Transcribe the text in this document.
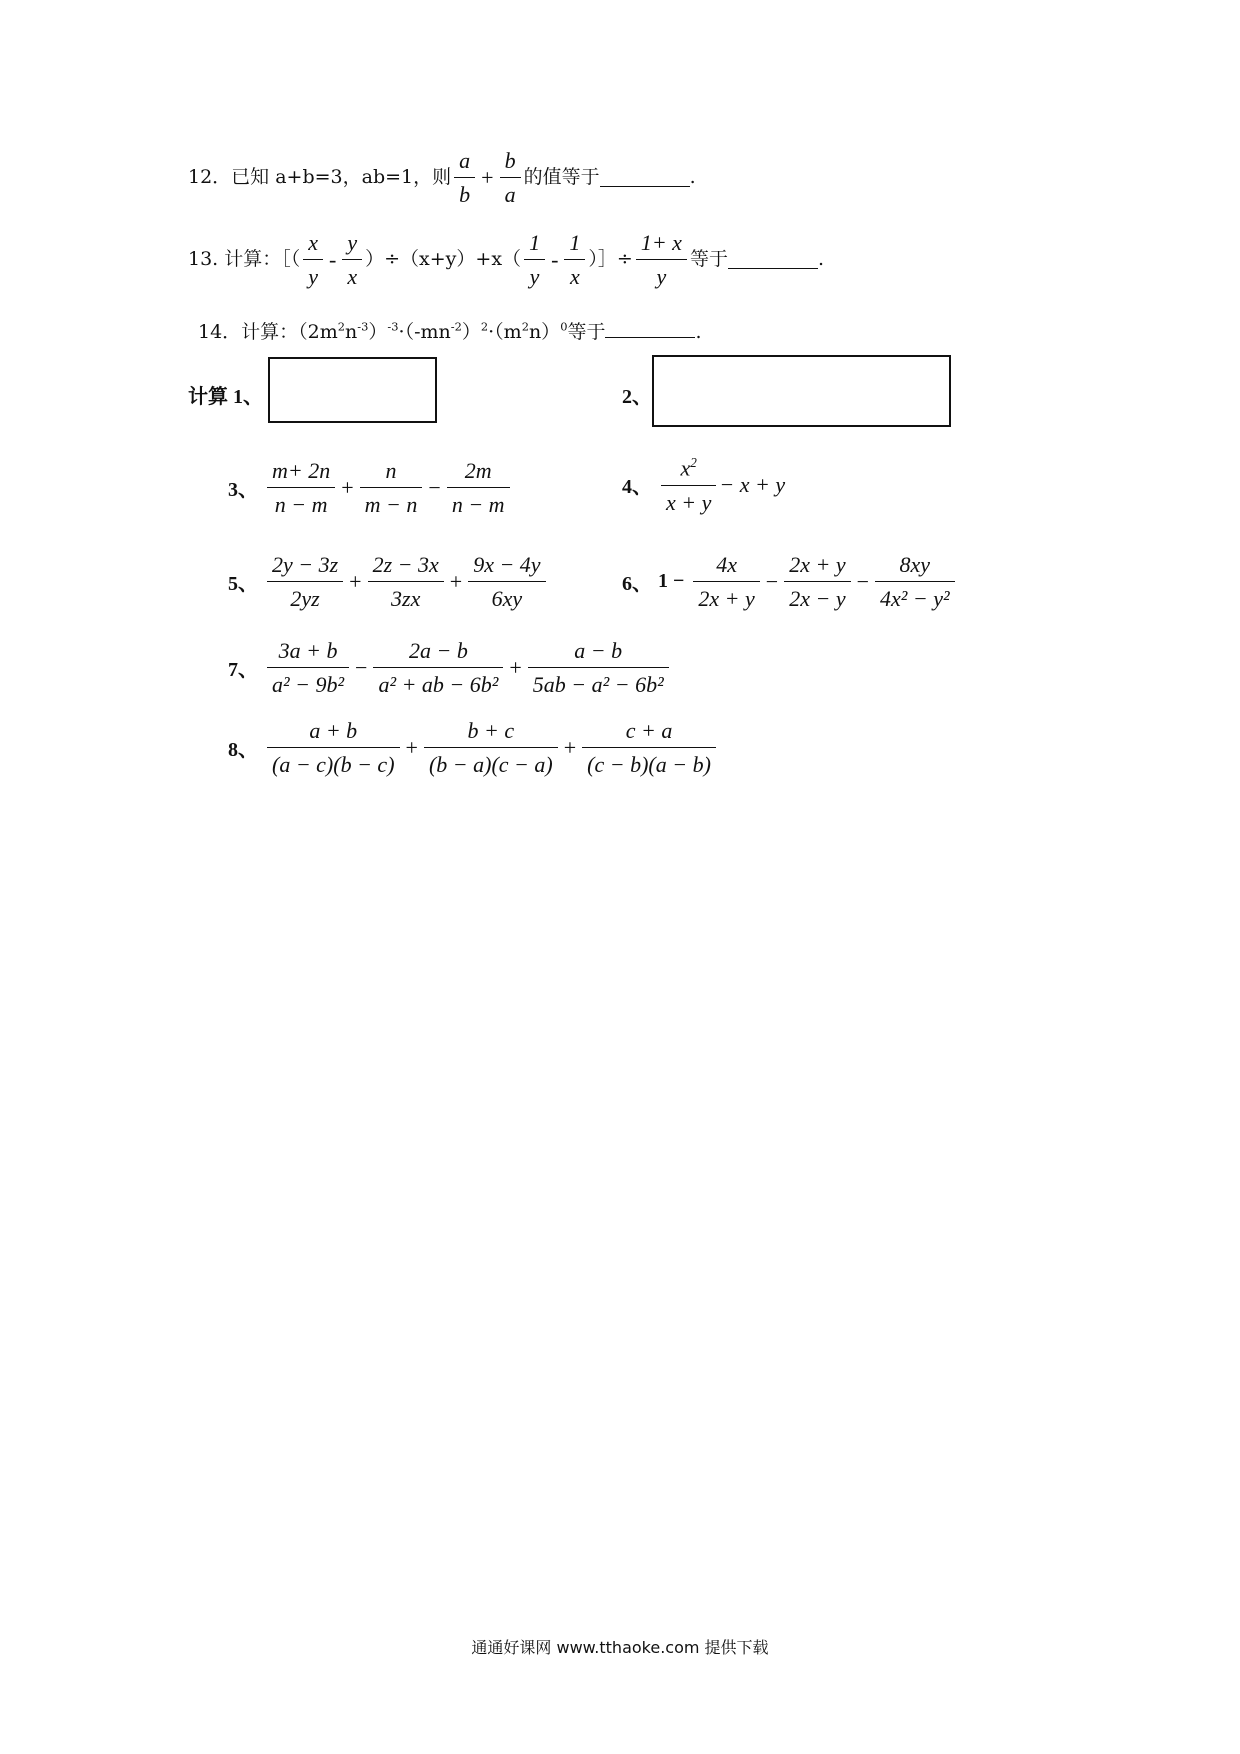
12．已知 a+b=3，ab=1，则 $\frac{a}{b} + \frac{b}{a}$ 的值等于	.
13. 计算：［（ $\frac{x}{y} - \frac{y}{x} )\div(x+y)+x( \frac{1}{y} - \frac{1}{x}$ ）］÷ $\frac{1+ x}{y}$ 等于	.
14．计算：$(2m^2n^{-3})^{-3}\cdot(-mn^{-2})^2\cdot(m^2n)^0$等于	.
计算 1、	2、
3、 $\frac{m+ 2n}{n - m} + \frac{n}{m - n} - \frac{2m}{n - m}$	4、 $\frac{x^2}{x + y} - x + y$
5、 $\frac{2y - 3z}{2yz} + \frac{2z - 3x}{3zx} + \frac{9x - 4y}{6xy}$	6、 $1 - \frac{4x}{2x + y} - \frac{2x + y}{2x - y} - \frac{8xy}{\text{4x² − y²}}$
7、 $\frac{3a + b}{\text{a² − 9b²}} - \frac{2a - b}{\text{a² + ab − 6b²}} + \frac{a - b}{\text{5ab − a² − 6b²}}$
8、 $\frac{a + b}{(a - c)(b - c)} + \frac{b + c}{(b - a)(c - a)} + \frac{c + a}{(c - b)(a - b)}$
通通好课网 www.tthaoke.com 提供下载
